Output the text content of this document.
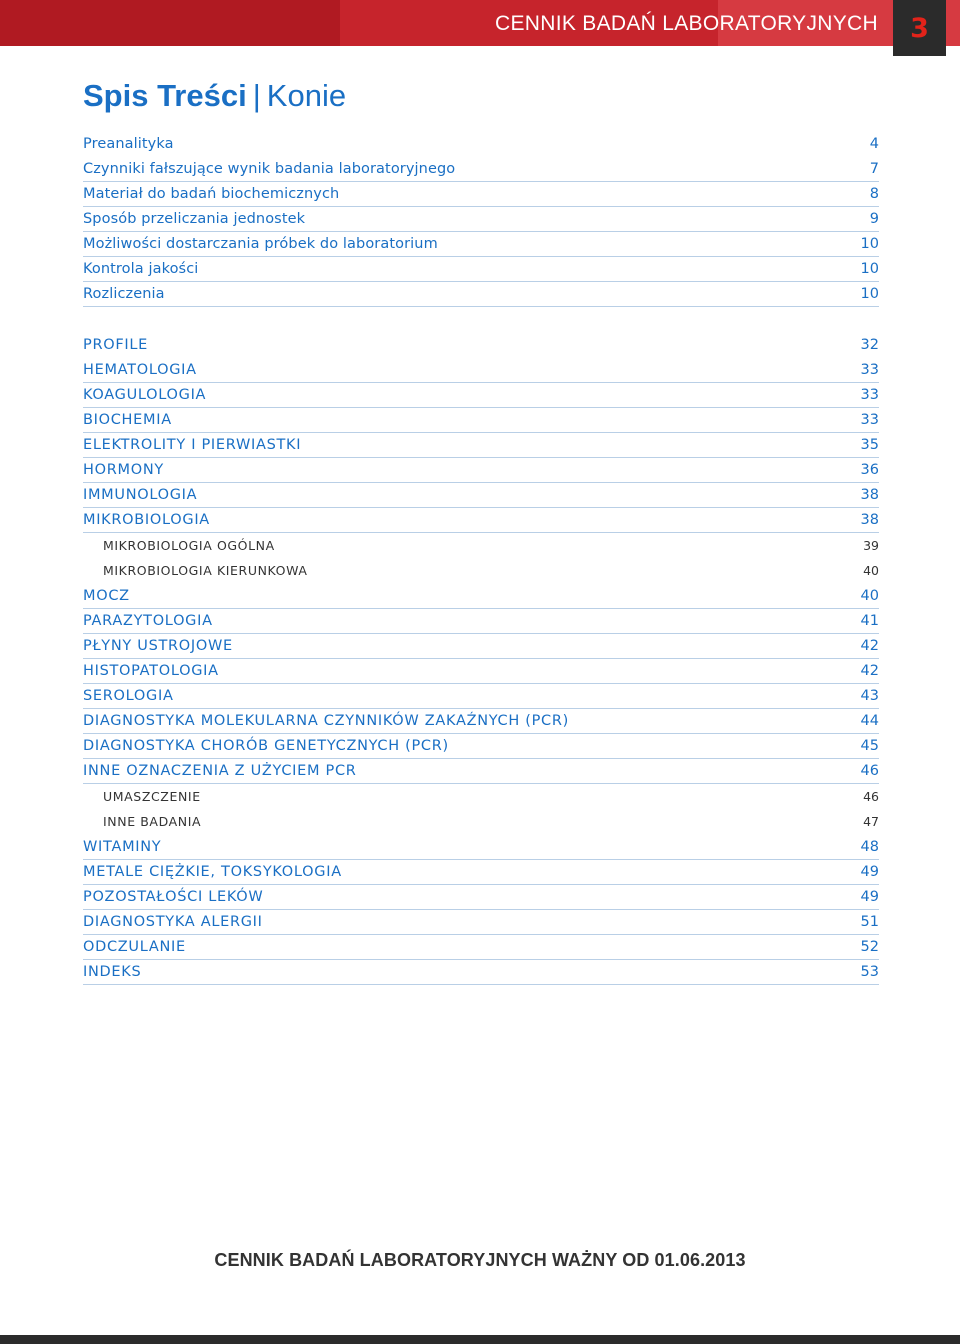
CENNIK BADAŃ LABORATORYJNYCH	3
Spis Treści | Konie
Preanalityka	4
Czynniki fałszujące wynik badania laboratoryjnego	7
Materiał do badań biochemicznych	8
Sposób przeliczania jednostek	9
Możliwości dostarczania próbek do laboratorium	10
Kontrola jakości	10
Rozliczenia	10
PROFILE	32
HEMATOLOGIA	33
KOAGULOLOGIA	33
BIOCHEMIA	33
ELEKTROLITY I PIERWIASTKI	35
HORMONY	36
IMMUNOLOGIA	38
MIKROBIOLOGIA	38
MIKROBIOLOGIA OGÓLNA	39
MIKROBIOLOGIA KIERUNKOWA	40
MOCZ	40
PARAZYTOLOGIA	41
PŁYNY USTROJOWE	42
HISTOPATOLOGIA	42
SEROLOGIA	43
DIAGNOSTYKA MOLEKULARNA CZYNNIKÓW ZAKAŹNYCH (PCR)	44
DIAGNOSTYKA CHORÓB GENETYCZNYCH (PCR)	45
INNE OZNACZENIA Z UŻYCIEM PCR	46
UMASZCZENIE	46
INNE BADANIA	47
WITAMINY	48
METALE CIĘŻKIE, TOKSYKOLOGIA	49
POZOSTAŁOŚCI LEKÓW	49
DIAGNOSTYKA ALERGII	51
ODCZULANIE	52
INDEKS	53
CENNIK BADAŃ LABORATORYJNYCH WAŻNY OD 01.06.2013
